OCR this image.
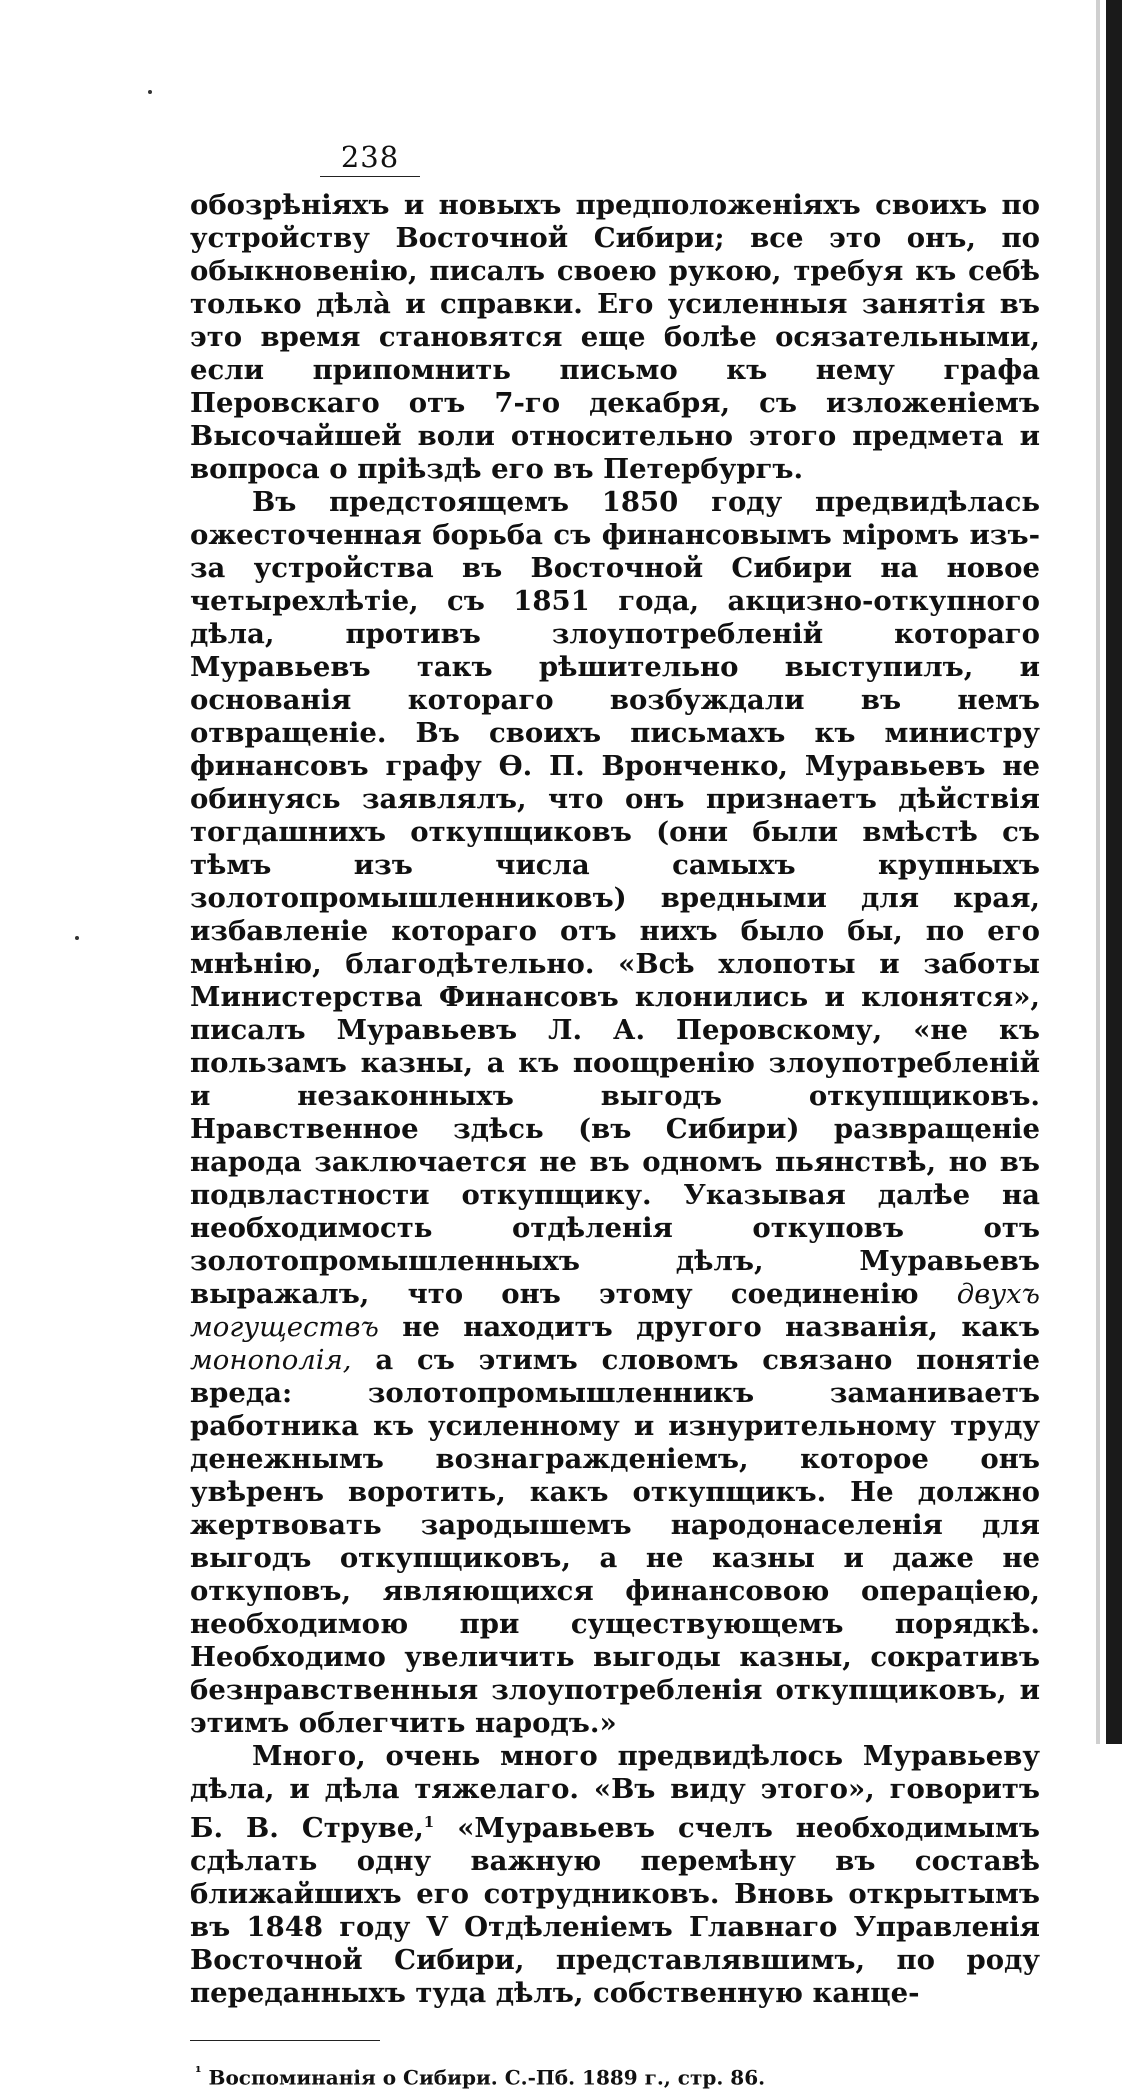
238

обозрѣніяхъ и новыхъ предположеніяхъ своихъ по устройству Восточной Сибири; все это онъ, по обыкновенію, писалъ своею рукою, требуя къ себѣ только дѣла̀ и справки. Его усиленныя занятія въ это время становятся еще болѣе осязательными, если припомнить письмо къ нему графа Перовскаго отъ 7-го декабря, съ изложеніемъ Высочайшей воли относительно этого предмета и вопроса о пріѣздѣ его въ Петербургъ.

Въ предстоящемъ 1850 году предвидѣлась ожесточенная борьба съ финансовымъ міромъ изъ-за устройства въ Восточной Сибири на новое четырехлѣтіе, съ 1851 года, акцизно-откупного дѣла, противъ злоупотребленій котораго Муравьевъ такъ рѣшительно выступилъ, и основанія котораго возбуждали въ немъ отвращеніе. Въ своихъ письмахъ къ министру финансовъ графу Ѳ. П. Вронченко, Муравьевъ не обинуясь заявлялъ, что онъ признаетъ дѣйствія тогдашнихъ откупщиковъ (они были вмѣстѣ съ тѣмъ изъ числа самыхъ крупныхъ золотопромышленниковъ) вредными для края, избавленіе котораго отъ нихъ было бы, по его мнѣнію, благодѣтельно. «Всѣ хлопоты и заботы Министерства Финансовъ клонились и клонятся», писалъ Муравьевъ Л. А. Перовскому, «не къ пользамъ казны, а къ поощренію злоупотребленій и незаконныхъ выгодъ откупщиковъ. Нравственное здѣсь (въ Сибири) развращеніе народа заключается не въ одномъ пьянствѣ, но въ подвластности откупщику. Указывая далѣе на необходимость отдѣленія откуповъ отъ золотопромышленныхъ дѣлъ, Муравьевъ выражалъ, что онъ этому соединенію двухъ могуществъ не находитъ другого названія, какъ монополія, а съ этимъ словомъ связано понятіе вреда: золотопромышленникъ заманиваетъ работника къ усиленному и изнурительному труду денежнымъ вознагражденіемъ, которое онъ увѣренъ воротить, какъ откупщикъ. Не должно жертвовать зародышемъ народонаселенія для выгодъ откупщиковъ, а не казны и даже не откуповъ, являющихся финансовою операціею, необходимою при существующемъ порядкѣ. Необходимо увеличить выгоды казны, сокративъ безнравственныя злоупотребленія откупщиковъ, и этимъ облегчить народъ.»

Много, очень много предвидѣлось Муравьеву дѣла, и дѣла тяжелаго. «Въ виду этого», говоритъ Б. В. Струве,$^1$ «Муравьевъ счелъ необходимымъ сдѣлать одну важную перемѣну въ составѣ ближайшихъ его сотрудниковъ. Вновь открытымъ въ 1848 году V Отдѣленіемъ Главнаго Управленія Восточной Сибири, представлявшимъ, по роду переданныхъ туда дѣлъ, собственную канце-

$^{^1}$ Воспоминанія о Сибири. С.-Пб. 1889 г., стр. 86.
